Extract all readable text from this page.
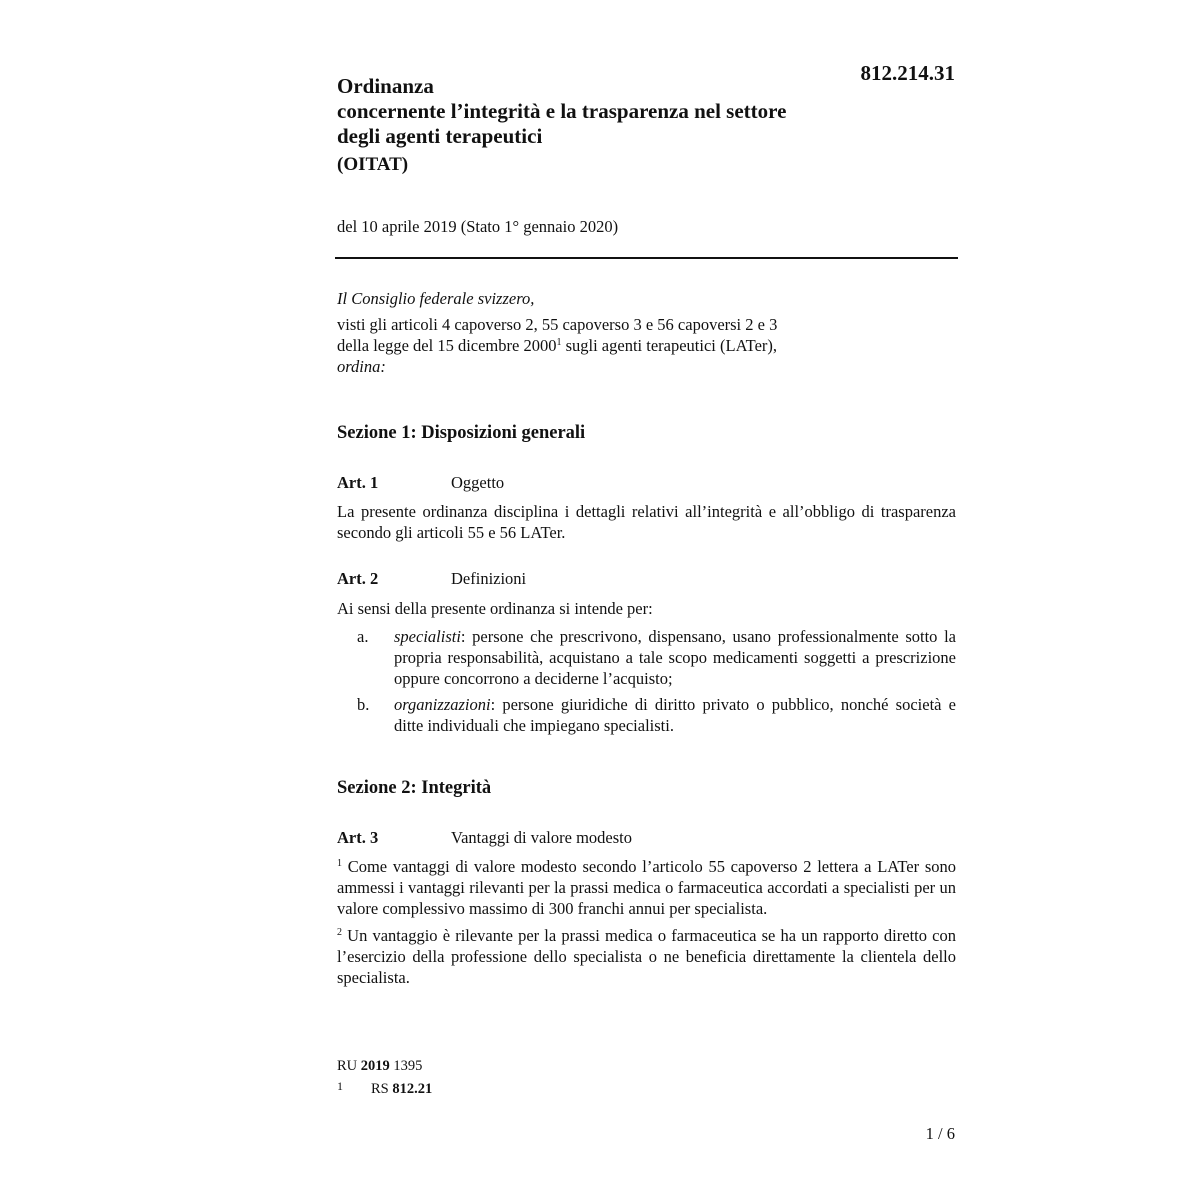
812.214.31
Ordinanza
concernente l’integrità e la trasparenza nel settore
degli agenti terapeutici
(OITAT)
del 10 aprile 2019 (Stato 1° gennaio 2020)
Il Consiglio federale svizzero,
visti gli articoli 4 capoverso 2, 55 capoverso 3 e 56 capoversi 2 e 3
della legge del 15 dicembre 2000$^1$ sugli agenti terapeutici (LATer),
ordina:
Sezione 1: Disposizioni generali
Art. 1	Oggetto
La presente ordinanza disciplina i dettagli relativi all’integrità e all’obbligo di trasparenza secondo gli articoli 55 e 56 LATer.
Art. 2	Definizioni
Ai sensi della presente ordinanza si intende per:
a. specialisti: persone che prescrivono, dispensano, usano professionalmente sotto la propria responsabilità, acquistano a tale scopo medicamenti soggetti a prescrizione oppure concorrono a deciderne l’acquisto;
b. organizzazioni: persone giuridiche di diritto privato o pubblico, nonché società e ditte individuali che impiegano specialisti.
Sezione 2: Integrità
Art. 3	Vantaggi di valore modesto
$^1$ Come vantaggi di valore modesto secondo l’articolo 55 capoverso 2 lettera a LATer sono ammessi i vantaggi rilevanti per la prassi medica o farmaceutica accordati a specialisti per un valore complessivo massimo di 300 franchi annui per specialista.
$^2$ Un vantaggio è rilevante per la prassi medica o farmaceutica se ha un rapporto diretto con l’esercizio della professione dello specialista o ne beneficia direttamente la clientela dello specialista.
RU 2019 1395
1 RS 812.21
1 / 6
